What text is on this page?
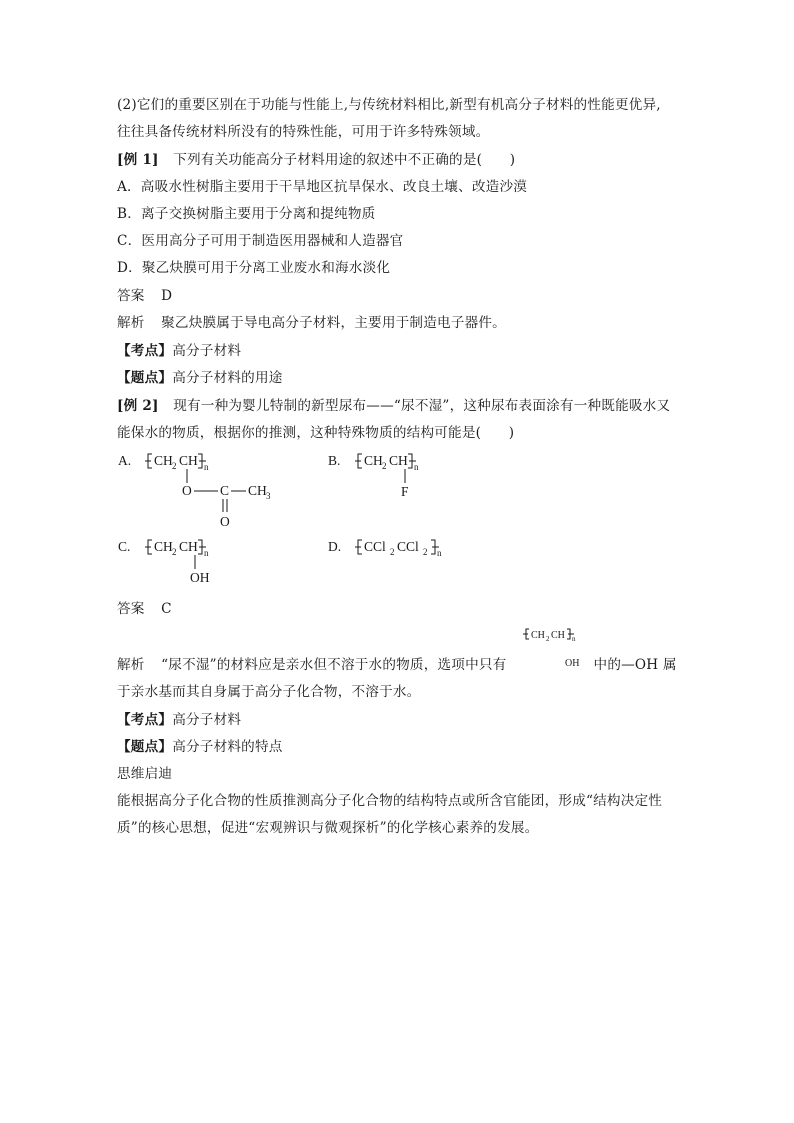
(2)它们的重要区别在于功能与性能上,与传统材料相比,新型有机高分子材料的性能更优异,
往往具备传统材料所没有的特殊性能，可用于许多特殊领域。
[例 1] 下列有关功能高分子材料用途的叙述中不正确的是(　　)
A．高吸水性树脂主要用于干旱地区抗旱保水、改良土壤、改造沙漠
B．离子交换树脂主要用于分离和提纯物质
C．医用高分子可用于制造医用器械和人造器官
D．聚乙炔膜可用于分离工业废水和海水淡化
答案 D
解析 聚乙炔膜属于导电高分子材料，主要用于制造电子器件。
【考点】高分子材料
【题点】高分子材料的用途
[例 2] 现有一种为婴儿特制的新型尿布——“尿不湿”，这种尿布表面涂有一种既能吸水又
能保水的物质，根据你的推测，这种特殊物质的结构可能是(　　)
A. CH 2 CH n
O C CH 3
O
B. CH 2 CH n
F
C. CH 2 CH n
OH
D. CCl 2 CCl 2 n
答案 C
CH 2 CH n
OH
解析 “尿不湿”的材料应是亲水但不溶于水的物质，选项中只有	中的—OH 属
于亲水基而其自身属于高分子化合物，不溶于水。
【考点】高分子材料
【题点】高分子材料的特点
思维启迪
能根据高分子化合物的性质推测高分子化合物的结构特点或所含官能团，形成“结构决定性
质”的核心思想，促进“宏观辨识与微观探析”的化学核心素养的发展。
